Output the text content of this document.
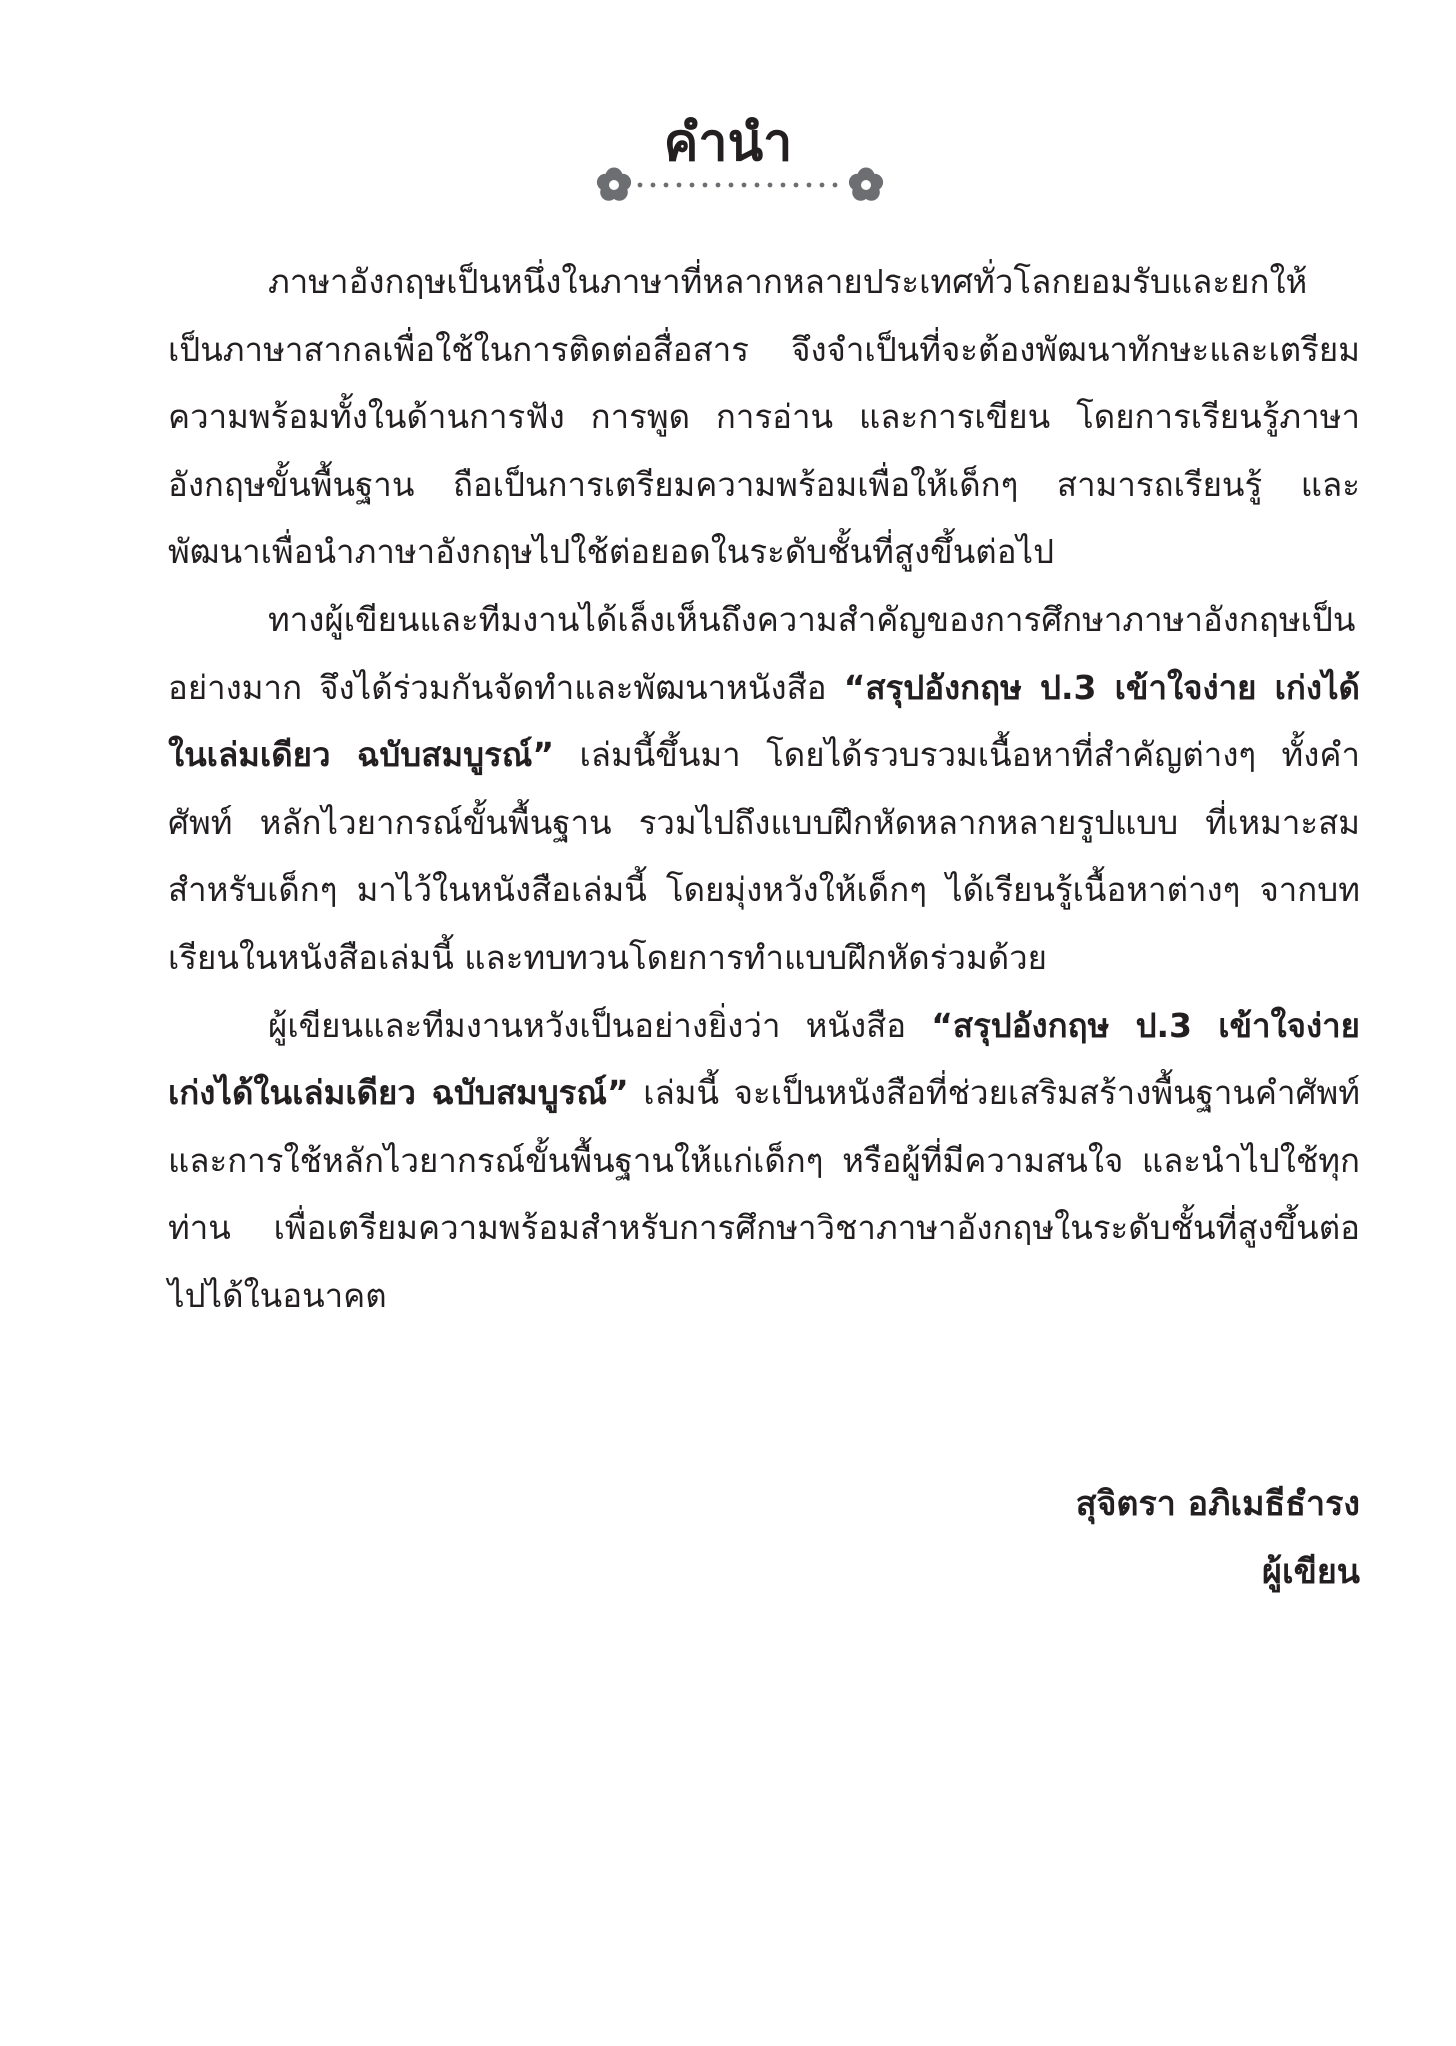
คำนำ

ภาษาอังกฤษเป็นหนึ่งในภาษาที่หลากหลายประเทศทั่วโลกยอมรับและยกให้เป็นภาษาสากลเพื่อใช้ในการติดต่อสื่อสาร จึงจำเป็นที่จะต้องพัฒนาทักษะและเตรียมความพร้อมทั้งในด้านการฟัง การพูด การอ่าน และการเขียน โดยการเรียนรู้ภาษาอังกฤษขั้นพื้นฐาน ถือเป็นการเตรียมความพร้อมเพื่อให้เด็กๆ สามารถเรียนรู้ และพัฒนาเพื่อนำภาษาอังกฤษไปใช้ต่อยอดในระดับชั้นที่สูงขึ้นต่อไป

ทางผู้เขียนและทีมงานได้เล็งเห็นถึงความสำคัญของการศึกษาภาษาอังกฤษเป็นอย่างมาก จึงได้ร่วมกันจัดทำและพัฒนาหนังสือ “สรุปอังกฤษ ป.3 เข้าใจง่าย เก่งได้ในเล่มเดียว ฉบับสมบูรณ์” เล่มนี้ขึ้นมา โดยได้รวบรวมเนื้อหาที่สำคัญต่างๆ ทั้งคำศัพท์ หลักไวยากรณ์ขั้นพื้นฐาน รวมไปถึงแบบฝึกหัดหลากหลายรูปแบบ ที่เหมาะสมสำหรับเด็กๆ มาไว้ในหนังสือเล่มนี้ โดยมุ่งหวังให้เด็กๆ ได้เรียนรู้เนื้อหาต่างๆ จากบทเรียนในหนังสือเล่มนี้ และทบทวนโดยการทำแบบฝึกหัดร่วมด้วย

ผู้เขียนและทีมงานหวังเป็นอย่างยิ่งว่า หนังสือ “สรุปอังกฤษ ป.3 เข้าใจง่าย เก่งได้ในเล่มเดียว ฉบับสมบูรณ์” เล่มนี้ จะเป็นหนังสือที่ช่วยเสริมสร้างพื้นฐานคำศัพท์ และการใช้หลักไวยากรณ์ขั้นพื้นฐานให้แก่เด็กๆ หรือผู้ที่มีความสนใจ และนำไปใช้ทุกท่าน เพื่อเตรียมความพร้อมสำหรับการศึกษาวิชาภาษาอังกฤษในระดับชั้นที่สูงขึ้นต่อไปได้ในอนาคต

สุจิตรา อภิเมธีธำรง
ผู้เขียน
